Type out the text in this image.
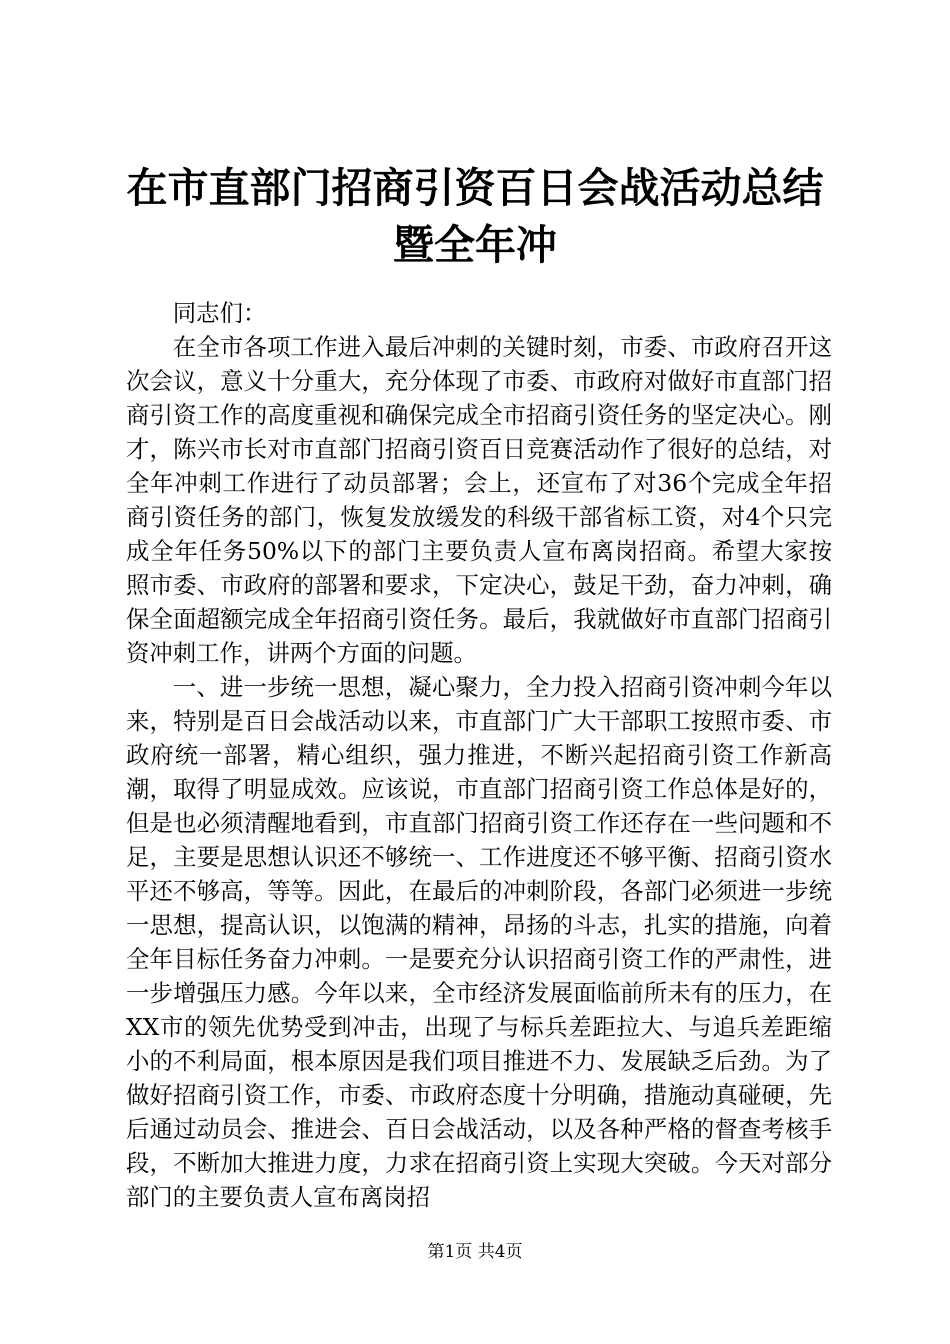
在市直部门招商引资百日会战活动总结暨全年冲

同志们：

在全市各项工作进入最后冲刺的关键时刻，市委、市政府召开这次会议，意义十分重大，充分体现了市委、市政府对做好市直部门招商引资工作的高度重视和确保完成全市招商引资任务的坚定决心。刚才，陈兴市长对市直部门招商引资百日竞赛活动作了很好的总结，对全年冲刺工作进行了动员部署；会上，还宣布了对36个完成全年招商引资任务的部门，恢复发放缓发的科级干部省标工资，对4个只完成全年任务50%以下的部门主要负责人宣布离岗招商。希望大家按照市委、市政府的部署和要求，下定决心，鼓足干劲，奋力冲刺，确保全面超额完成全年招商引资任务。最后，我就做好市直部门招商引资冲刺工作，讲两个方面的问题。

一、进一步统一思想，凝心聚力，全力投入招商引资冲刺今年以来，特别是百日会战活动以来，市直部门广大干部职工按照市委、市政府统一部署，精心组织，强力推进，不断兴起招商引资工作新高潮，取得了明显成效。应该说，市直部门招商引资工作总体是好的，但是也必须清醒地看到，市直部门招商引资工作还存在一些问题和不足，主要是思想认识还不够统一、工作进度还不够平衡、招商引资水平还不够高，等等。因此，在最后的冲刺阶段，各部门必须进一步统一思想，提高认识，以饱满的精神，昂扬的斗志，扎实的措施，向着全年目标任务奋力冲刺。一是要充分认识招商引资工作的严肃性，进一步增强压力感。今年以来，全市经济发展面临前所未有的压力，在XX市的领先优势受到冲击，出现了与标兵差距拉大、与追兵差距缩小的不利局面，根本原因是我们项目推进不力、发展缺乏后劲。为了做好招商引资工作，市委、市政府态度十分明确，措施动真碰硬，先后通过动员会、推进会、百日会战活动，以及各种严格的督查考核手段，不断加大推进力度，力求在招商引资上实现大突破。今天对部分部门的主要负责人宣布离岗招

第1页 共4页
